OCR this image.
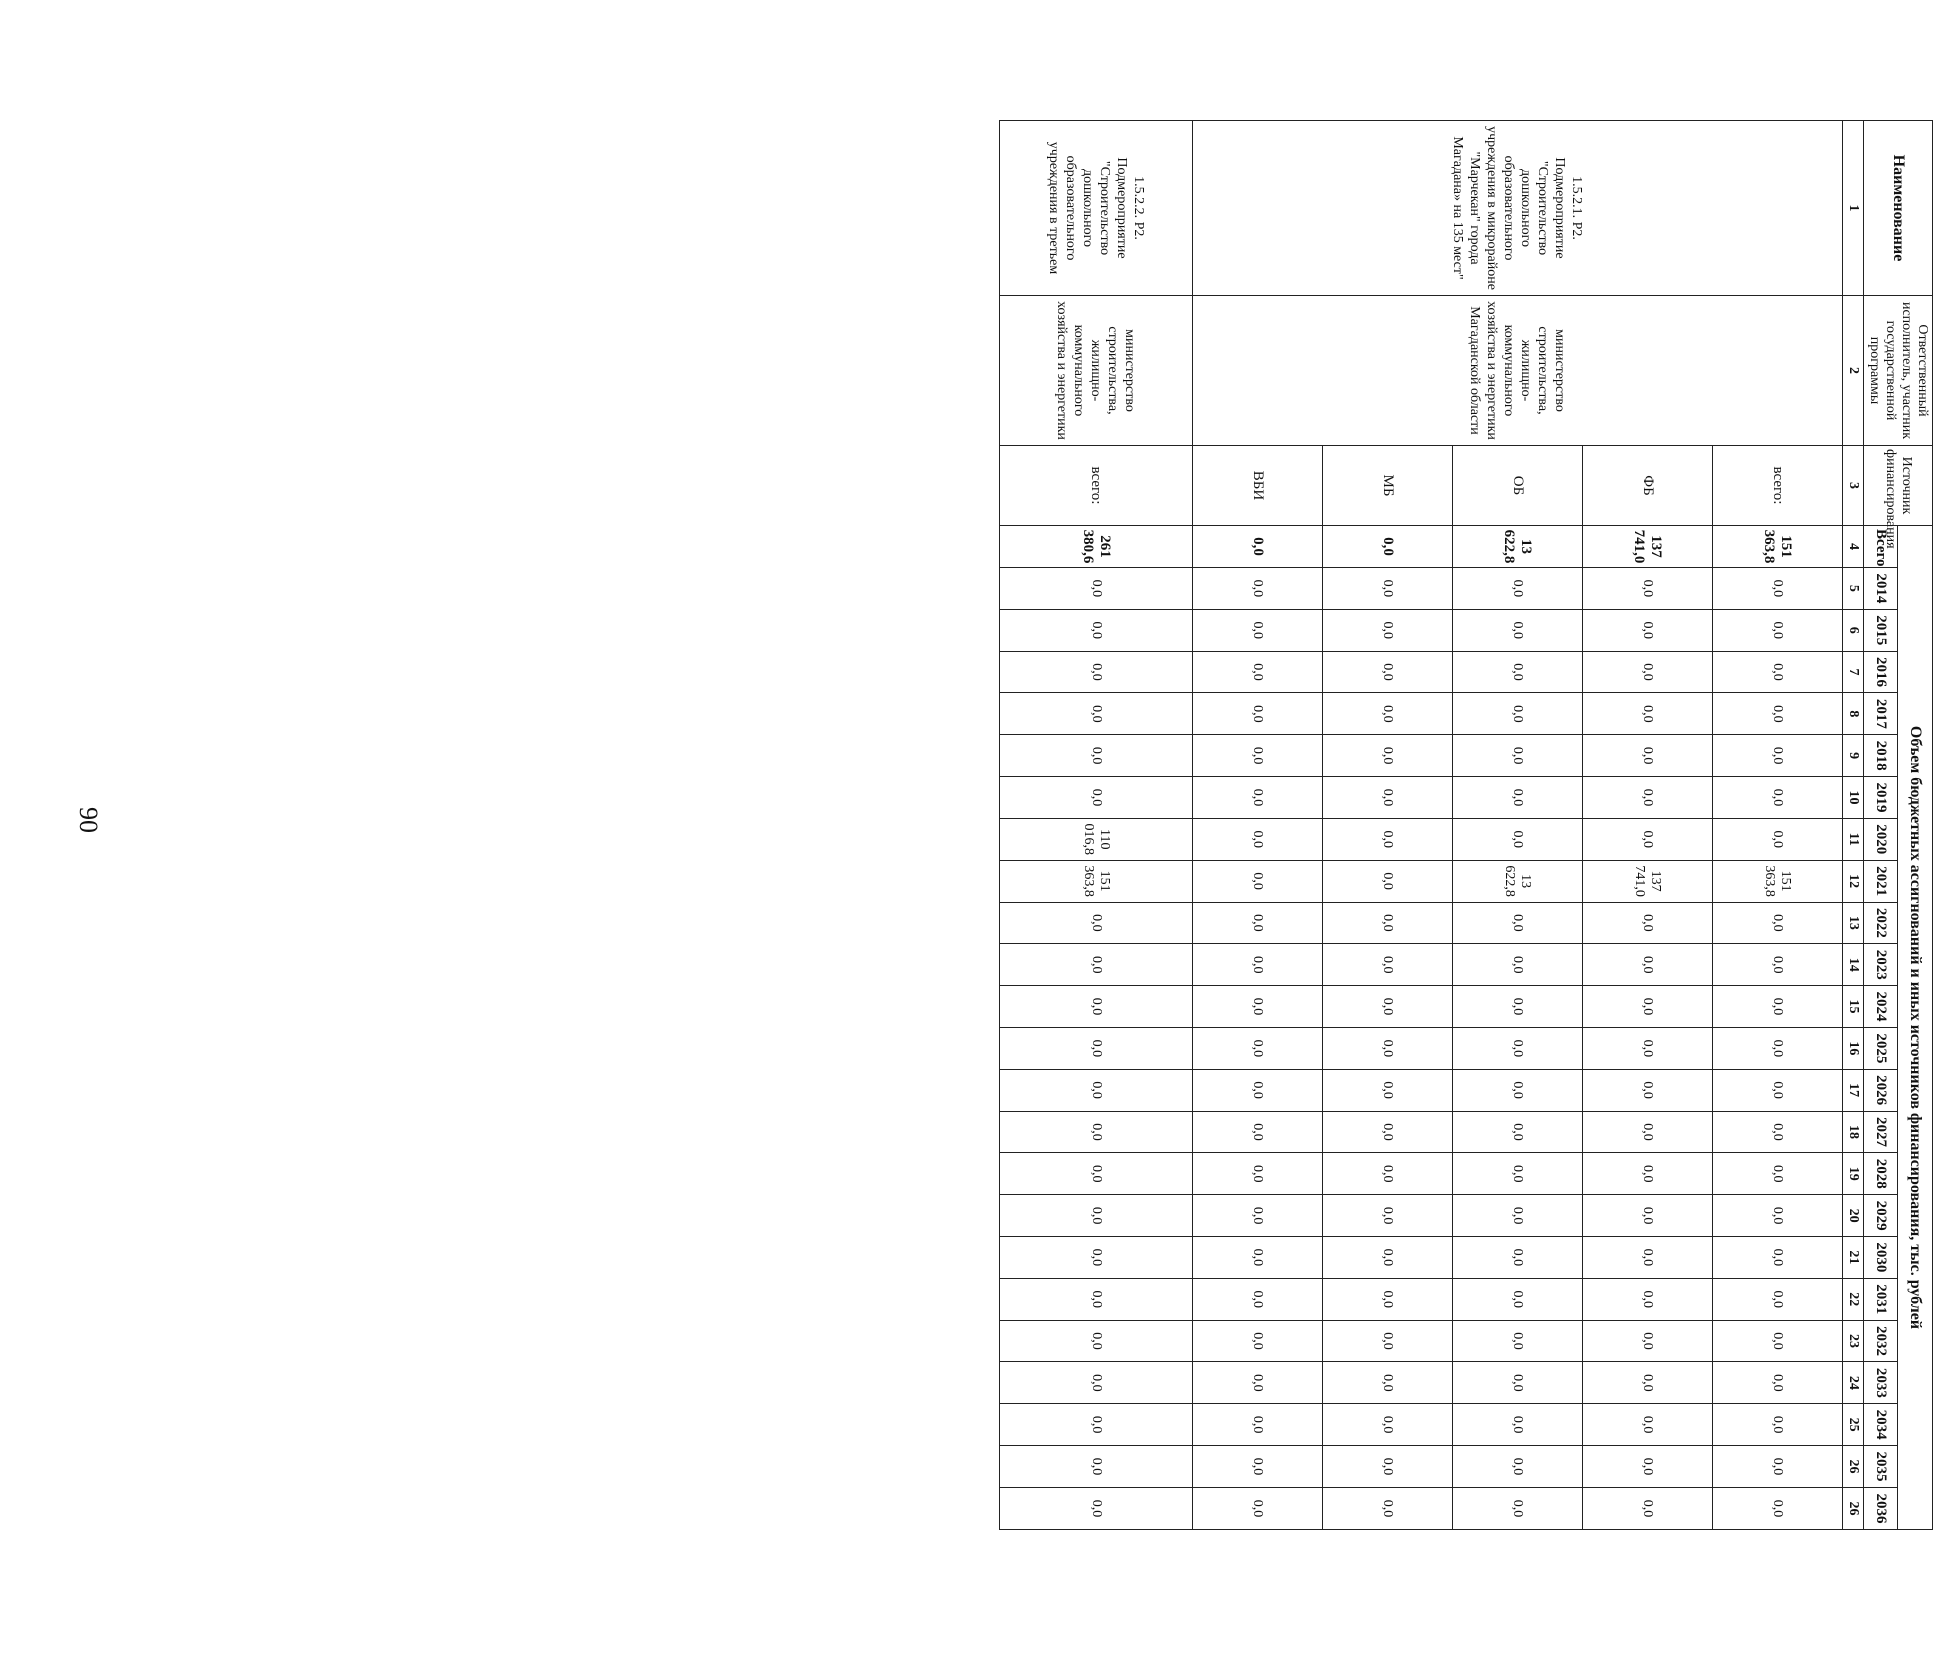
90
Наименование	Ответственный исполнитель, участник государственной программы	Источник финансирования	Объем бюджетных ассигнований и иных источников финансирования, тыс. рублей																							
			Всего	2014	2015	2016	2017	2018	2019	2020	2021	2022	2023	2024	2025	2026	2027	2028	2029	2030	2031	2032	2033	2034	2035	2036
1	2	3	4	5	6	7	8	9	10	11	12	13	14	15	16	17	18	19	20	21	22	23	24	25	26	26
1.5.2.1. Р2. Подмероприятие "Строительство дошкольного образовательного учреждения в микрорайоне "Марчекан" города Магадана» на 135 мест"	министерство строительства, жилищно-коммунального хозяйства и энергетики Магаданской области	всего:	151 363,8	0,0	0,0	0,0	0,0	0,0	0,0	0,0	151 363,8	0,0	0,0	0,0	0,0	0,0	0,0	0,0	0,0	0,0	0,0	0,0	0,0	0,0	0,0	0,0
		ФБ	137 741,0	0,0	0,0	0,0	0,0	0,0	0,0	0,0	137 741,0	0,0	0,0	0,0	0,0	0,0	0,0	0,0	0,0	0,0	0,0	0,0	0,0	0,0	0,0	0,0
		ОБ	13 622,8	0,0	0,0	0,0	0,0	0,0	0,0	0,0	13 622,8	0,0	0,0	0,0	0,0	0,0	0,0	0,0	0,0	0,0	0,0	0,0	0,0	0,0	0,0	0,0
		МБ	0,0	0,0	0,0	0,0	0,0	0,0	0,0	0,0	0,0	0,0	0,0	0,0	0,0	0,0	0,0	0,0	0,0	0,0	0,0	0,0	0,0	0,0	0,0	0,0
		ВБИ	0,0	0,0	0,0	0,0	0,0	0,0	0,0	0,0	0,0	0,0	0,0	0,0	0,0	0,0	0,0	0,0	0,0	0,0	0,0	0,0	0,0	0,0	0,0	0,0
1.5.2.2. Р2. Подмероприятие "Строительство дошкольного образовательного учреждения в третьем	министерство строительства, жилищно-коммунального хозяйства и энергетики	всего:	261 380,6	0,0	0,0	0,0	0,0	0,0	0,0	110 016,8	151 363,8	0,0	0,0	0,0	0,0	0,0	0,0	0,0	0,0	0,0	0,0	0,0	0,0	0,0	0,0	0,0
